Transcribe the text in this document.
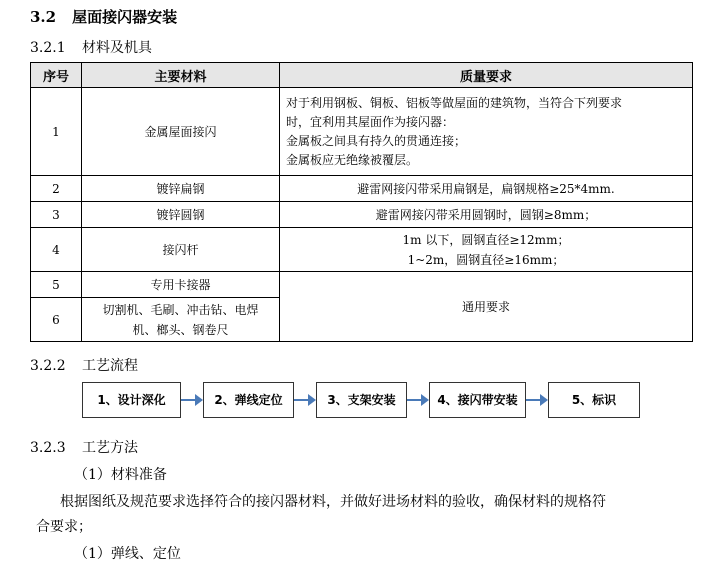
3.2 屋面接闪器安装
3.2.1 材料及机具
序号	主要材料	质量要求
1	金属屋面接闪	对于利用钢板、铜板、铝板等做屋面的建筑物，当符合下列要求
时，宜利用其屋面作为接闪器：
金属板之间具有持久的贯通连接；
金属板应无绝缘被覆层。

2	镀锌扁钢	避雷网接闪带采用扁钢是，扁钢规格≥25*4mm.
3	镀锌圆钢	避雷网接闪带采用圆钢时，圆钢≥8mm；
4	接闪杆	1m 以下，圆钢直径≥12mm；
1~2m，圆钢直径≥16mm；

5	专用卡接器	通用要求
6	切割机、毛刷、冲击钻、电焊
机、榔头、钢卷尺	
3.2.2 工艺流程
1、设计深化	2、弹线定位	3、支架安装	4、接闪带安装	5、标识
3.2.3 工艺方法
（1）材料准备
根据图纸及规范要求选择符合的接闪器材料，并做好进场材料的验收，确保材料的规格符
合要求；
（1）弹线、定位
